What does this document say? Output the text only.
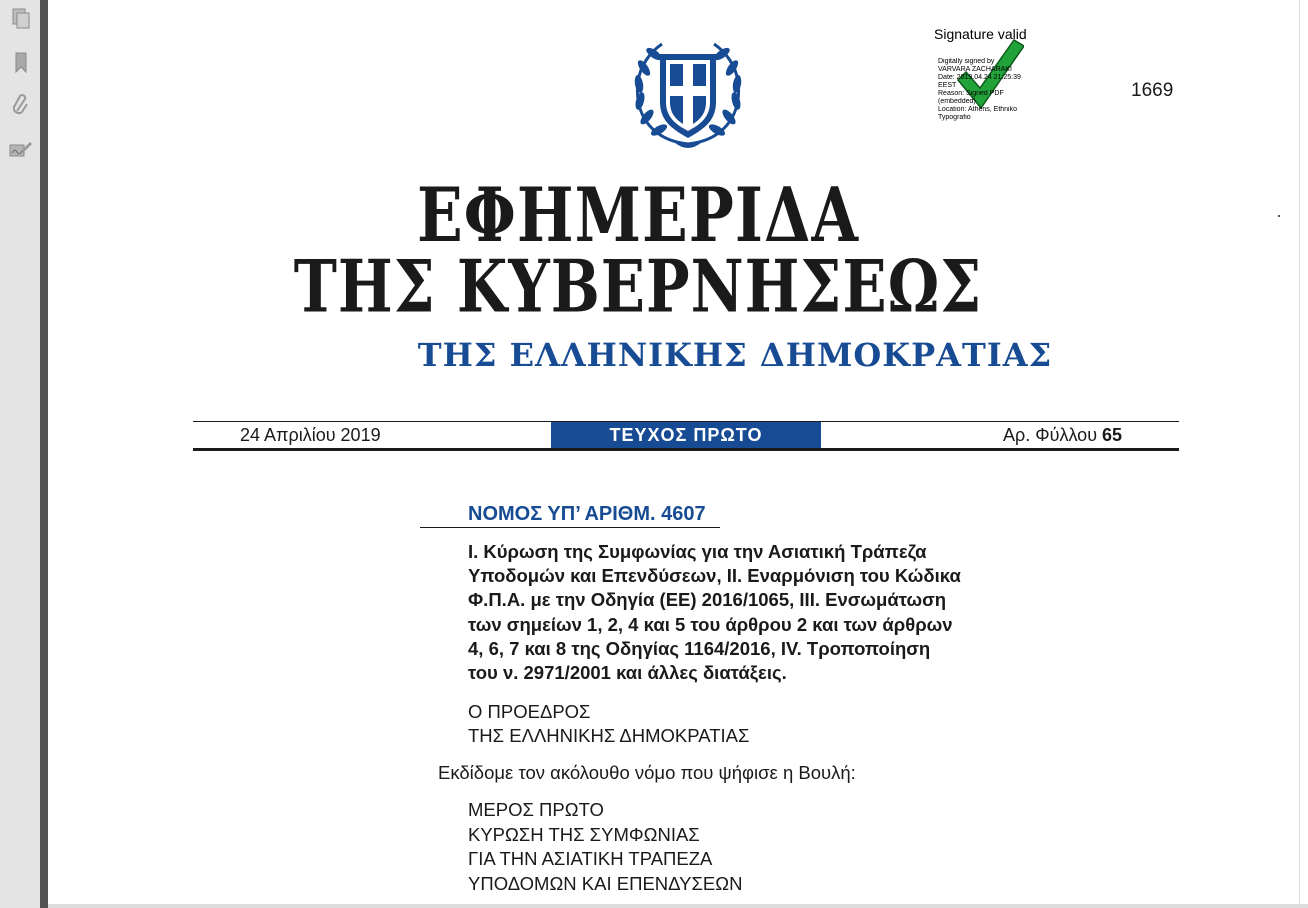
Signature valid
Digitally signed by
VARVARA ZACHARAKI
Date: 2019.04.24 21:25:39
EEST
Reason: Signed PDF
(embedded)
Location: Athens, Ethniko
Typografio
1669
ΕΦΗΜΕΡΙΔΑ
ΤΗΣ ΚΥΒΕΡΝΗΣΕΩΣ
ΤΗΣ ΕΛΛΗΝΙΚΗΣ ΔΗΜΟΚΡΑΤΙΑΣ
24 Απριλίου 2019	ΤΕΥΧΟΣ ΠΡΩΤΟ	Αρ. Φύλλου 65
ΝΟΜΟΣ ΥΠ’ ΑΡΙΘΜ. 4607
Ι. Κύρωση της Συμφωνίας για την Ασιατική Τράπεζα
Υποδομών και Επενδύσεων, ΙΙ. Εναρμόνιση του Κώδικα
Φ.Π.Α. με την Οδηγία (ΕΕ) 2016/1065, ΙΙΙ. Ενσωμάτωση
των σημείων 1, 2, 4 και 5 του άρθρου 2 και των άρθρων
4, 6, 7 και 8 της Οδηγίας 1164/2016, ΙV. Τροποποίηση
του ν. 2971/2001 και άλλες διατάξεις.
Ο ΠΡΟΕΔΡΟΣ
ΤΗΣ ΕΛΛΗΝΙΚΗΣ ΔΗΜΟΚΡΑΤΙΑΣ
Εκδίδομε τον ακόλουθο νόμο που ψήφισε η Βουλή:
ΜΕΡΟΣ ΠΡΩΤΟ
ΚΥΡΩΣΗ ΤΗΣ ΣΥΜΦΩΝΙΑΣ
ΓΙΑ ΤΗΝ ΑΣΙΑΤΙΚΗ ΤΡΑΠΕΖΑ
ΥΠΟΔΟΜΩΝ ΚΑΙ ΕΠΕΝΔΥΣΕΩΝ
